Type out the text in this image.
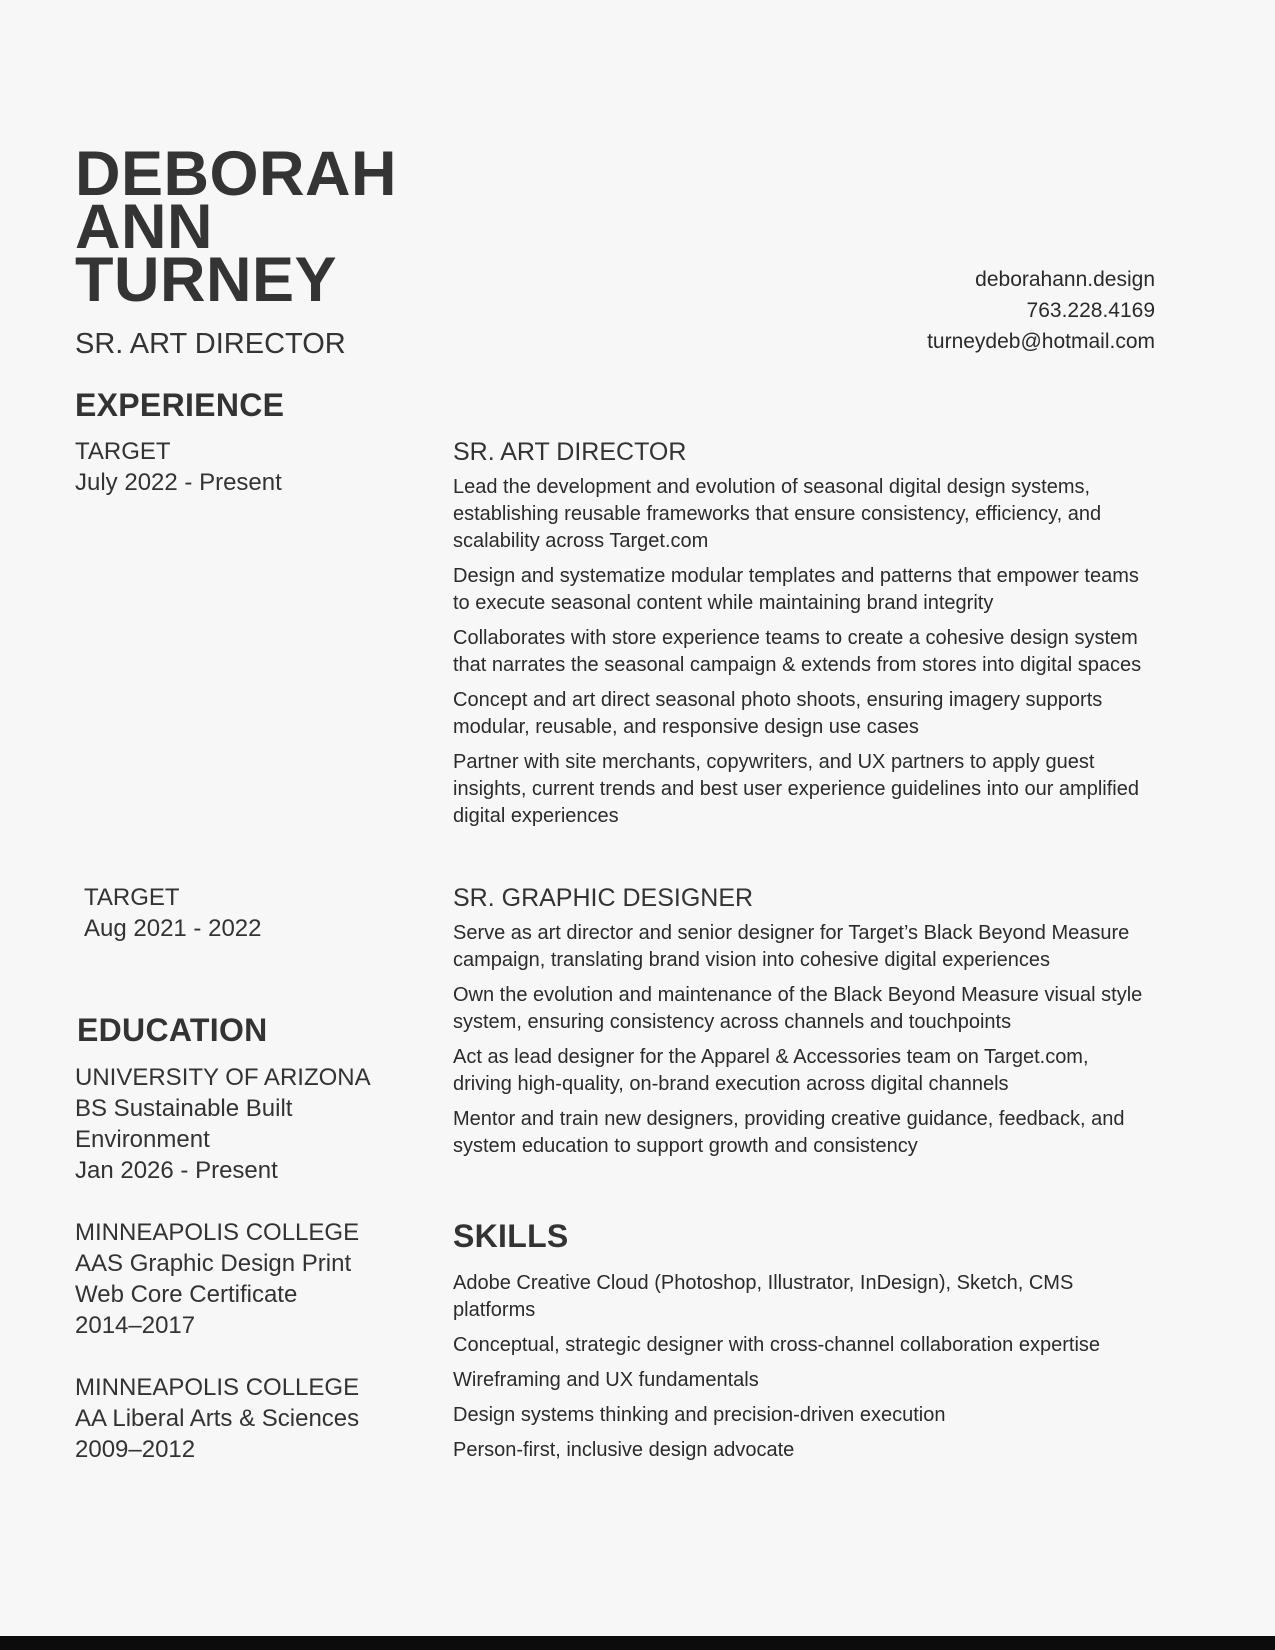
DEBORAH
ANN
TURNEY
SR. ART DIRECTOR
deborahann.design
763.228.4169
turneydeb@hotmail.com
EXPERIENCE
TARGET
July 2022 - Present
SR. ART DIRECTOR
Lead the development and evolution of seasonal digital design systems, establishing reusable frameworks that ensure consistency, efficiency, and scalability across Target.com
Design and systematize modular templates and patterns that empower teams to execute seasonal content while maintaining brand integrity
Collaborates with store experience teams to create a cohesive design system that narrates the seasonal campaign & extends from stores into digital spaces
Concept and art direct seasonal photo shoots, ensuring imagery supports modular, reusable, and responsive design use cases
Partner with site merchants, copywriters, and UX partners to apply guest insights, current trends and best user experience guidelines into our amplified digital experiences
TARGET
Aug 2021 - 2022
SR. GRAPHIC DESIGNER
Serve as art director and senior designer for Target’s Black Beyond Measure campaign, translating brand vision into cohesive digital experiences
Own the evolution and maintenance of the Black Beyond Measure visual style system, ensuring consistency across channels and touchpoints
Act as lead designer for the Apparel & Accessories team on Target.com, driving high-quality, on-brand execution across digital channels
Mentor and train new designers, providing creative guidance, feedback, and system education to support growth and consistency
EDUCATION
UNIVERSITY OF ARIZONA
BS Sustainable Built Environment
Jan 2026 - Present
MINNEAPOLIS COLLEGE
AAS Graphic Design Print
Web Core Certificate
2014–2017
MINNEAPOLIS COLLEGE
AA Liberal Arts & Sciences
2009–2012
SKILLS
Adobe Creative Cloud (Photoshop, Illustrator, InDesign), Sketch, CMS platforms
Conceptual, strategic designer with cross-channel collaboration expertise
Wireframing and UX fundamentals
Design systems thinking and precision-driven execution
Person-first, inclusive design advocate
